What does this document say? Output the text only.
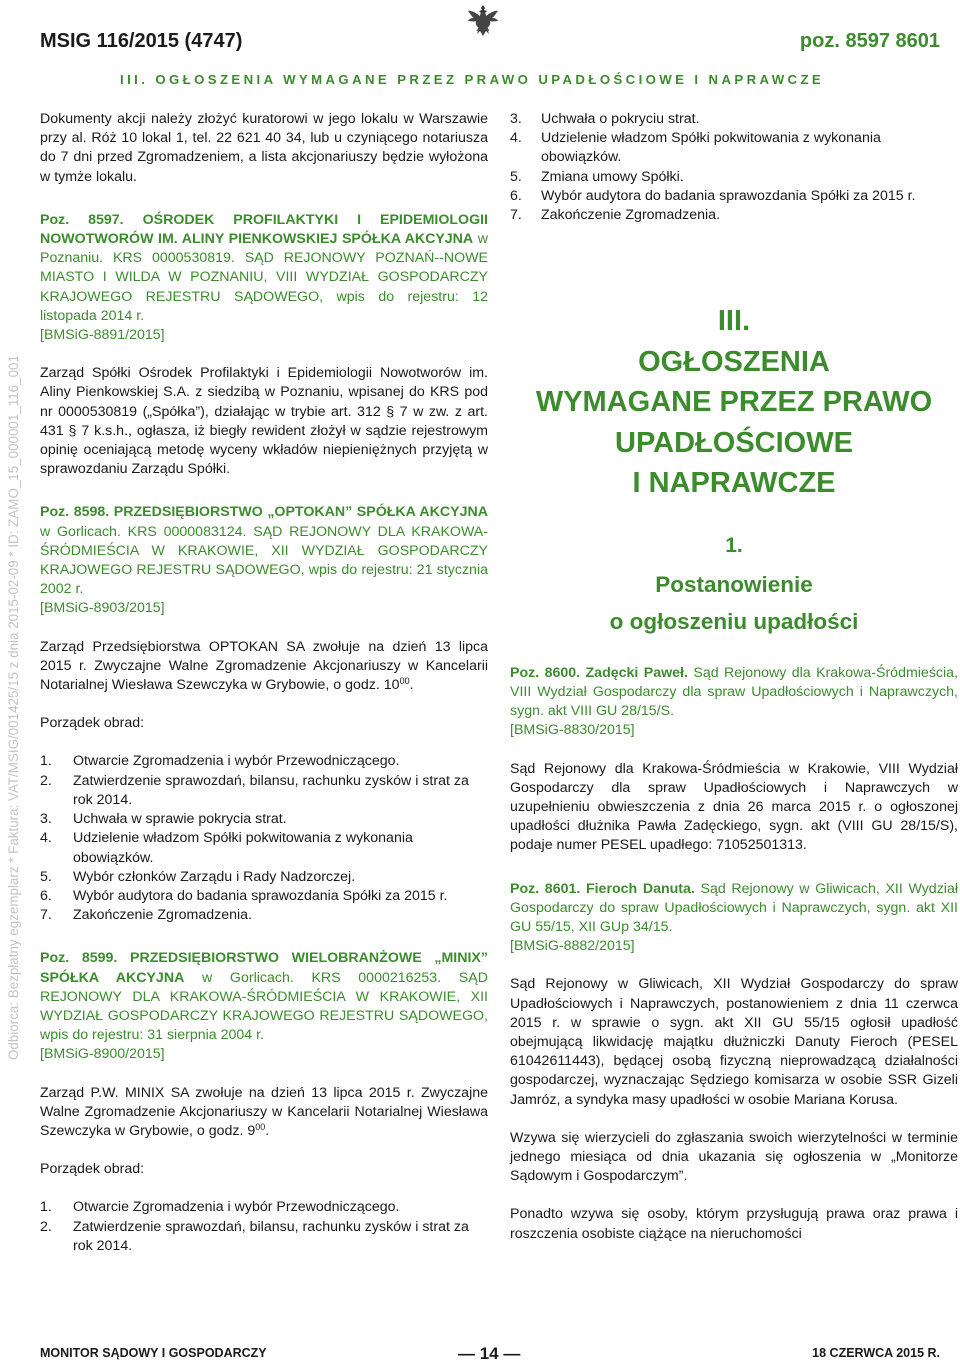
MSIG 116/2015 (4747)	poz. 8597 8601
III. OGŁOSZENIA WYMAGANE PRZEZ PRAWO UPADŁOŚCIOWE I NAPRAWCZE
Odbiorca: Bezpłatny egzemplarz * Faktura: VAT/MSIG/001425/15 z dnia 2015-02-09 * ID: ZAMO_15_000001_116_001

Dokumenty akcji należy złożyć kuratorowi w jego lokalu w Warszawie przy al. Róż 10 lokal 1, tel. 22 621 40 34, lub u czyniącego notariusza do 7 dni przed Zgromadzeniem, a lista akcjonariuszy będzie wyłożona w tymże lokalu.

Poz. 8597. OŚRODEK PROFILAKTYKI I EPIDEMIOLOGII NOWOTWORÓW IM. ALINY PIENKOWSKIEJ SPÓŁKA AKCYJNA w Poznaniu. KRS 0000530819. SĄD REJONOWY POZNAŃ--NOWE MIASTO I WILDA W POZNANIU, VIII WYDZIAŁ GOSPODARCZY KRAJOWEGO REJESTRU SĄDOWEGO, wpis do rejestru: 12 listopada 2014 r.

[BMSiG-8891/2015]

Zarząd Spółki Ośrodek Profilaktyki i Epidemiologii Nowotworów im. Aliny Pienkowskiej S.A. z siedzibą w Poznaniu, wpisanej do KRS pod nr 0000530819 („Spółka”), działając w trybie art. 312 § 7 w zw. z art. 431 § 7 k.s.h., ogłasza, iż biegły rewident złożył w sądzie rejestrowym opinię oceniającą metodę wyceny wkładów niepieniężnych przyjętą w sprawozdaniu Zarządu Spółki.

Poz. 8598. PRZEDSIĘBIORSTWO „OPTOKAN” SPÓŁKA AKCYJNA w Gorlicach. KRS 0000083124. SĄD REJONOWY DLA KRAKOWA-ŚRÓDMIEŚCIA W KRAKOWIE, XII WYDZIAŁ GOSPODARCZY KRAJOWEGO REJESTRU SĄDOWEGO, wpis do rejestru: 21 stycznia 2002 r.

[BMSiG-8903/2015]

Zarząd Przedsiębiorstwa OPTOKAN SA zwołuje na dzień 13 lipca 2015 r. Zwyczajne Walne Zgromadzenie Akcjonariuszy w Kancelarii Notarialnej Wiesława Szewczyka w Grybowie, o godz. $10^{00}$.

Porządek obrad:

1. Otwarcie Zgromadzenia i wybór Przewodniczącego.
2. Zatwierdzenie sprawozdań, bilansu, rachunku zysków i strat za rok 2014.
3. Uchwała w sprawie pokrycia strat.
4. Udzielenie władzom Spółki pokwitowania z wykonania obowiązków.
5. Wybór członków Zarządu i Rady Nadzorczej.
6. Wybór audytora do badania sprawozdania Spółki za 2015 r.
7. Zakończenie Zgromadzenia.

Poz. 8599. PRZEDSIĘBIORSTWO WIELOBRANŻOWE „MINIX” SPÓŁKA AKCYJNA w Gorlicach. KRS 0000216253. SĄD REJONOWY DLA KRAKOWA-ŚRÓDMIEŚCIA W KRAKOWIE, XII WYDZIAŁ GOSPODARCZY KRAJOWEGO REJESTRU SĄDOWEGO, wpis do rejestru: 31 sierpnia 2004 r.

[BMSiG-8900/2015]

Zarząd P.W. MINIX SA zwołuje na dzień 13 lipca 2015 r. Zwyczajne Walne Zgromadzenie Akcjonariuszy w Kancelarii Notarialnej Wiesława Szewczyka w Grybowie, o godz. $9^{00}$.

Porządek obrad:

1. Otwarcie Zgromadzenia i wybór Przewodniczącego.
2. Zatwierdzenie sprawozdań, bilansu, rachunku zysków i strat za rok 2014.
3. Uchwała o pokryciu strat.
4. Udzielenie władzom Spółki pokwitowania z wykonania obowiązków.
5. Zmiana umowy Spółki.
6. Wybór audytora do badania sprawozdania Spółki za 2015 r.
7. Zakończenie Zgromadzenia.
III.
OGŁOSZENIA
WYMAGANE PRZEZ PRAWO
UPADŁOŚCIOWE
I NAPRAWCZE
1.
Postanowienie
o ogłoszeniu upadłości

Poz. 8600. Zadęcki Paweł. Sąd Rejonowy dla Krakowa-Śródmieścia, VIII Wydział Gospodarczy dla spraw Upadłościowych i Naprawczych, sygn. akt VIII GU 28/15/S.

[BMSiG-8830/2015]

Sąd Rejonowy dla Krakowa-Śródmieścia w Krakowie, VIII Wydział Gospodarczy dla spraw Upadłościowych i Naprawczych w uzupełnieniu obwieszczenia z dnia 26 marca 2015 r. o ogłoszonej upadłości dłużnika Pawła Zadęckiego, sygn. akt (VIII GU 28/15/S), podaje numer PESEL upadłego: 71052501313.

Poz. 8601. Fieroch Danuta. Sąd Rejonowy w Gliwicach, XII Wydział Gospodarczy do spraw Upadłościowych i Naprawczych, sygn. akt XII GU 55/15, XII GUp 34/15.

[BMSiG-8882/2015]

Sąd Rejonowy w Gliwicach, XII Wydział Gospodarczy do spraw Upadłościowych i Naprawczych, postanowieniem z dnia 11 czerwca 2015 r. w sprawie o sygn. akt XII GU 55/15 ogłosił upadłość obejmującą likwidację majątku dłużniczki Danuty Fieroch (PESEL 61042611443), będącej osobą fizyczną nieprowadzącą działalności gospodarczej, wyznaczając Sędziego komisarza w osobie SSR Gizeli Jamróz, a syndyka masy upadłości w osobie Mariana Korusa.

Wzywa się wierzycieli do zgłaszania swoich wierzytelności w terminie jednego miesiąca od dnia ukazania się ogłoszenia w „Monitorze Sądowym i Gospodarczym”.

Ponadto wzywa się osoby, którym przysługują prawa oraz prawa i roszczenia osobiste ciążące na nieruchomości

MONITOR SĄDOWY I GOSPODARCZY	— 14 —	18 CZERWCA 2015 R.
